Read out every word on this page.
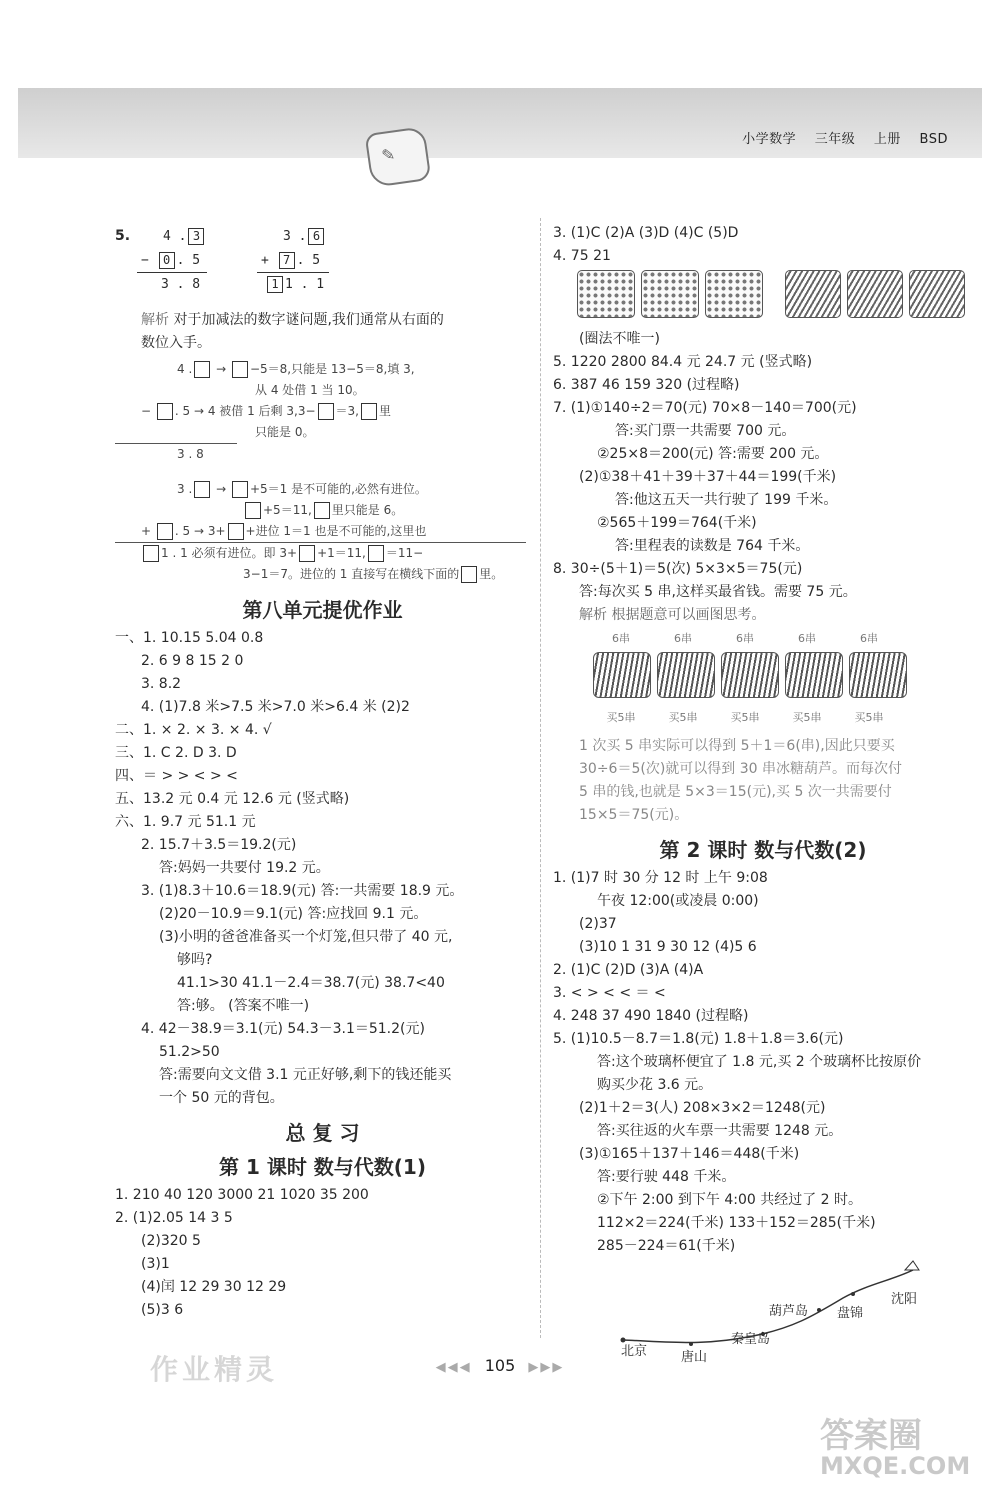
小学数学 三年级 上册 BSD
✎
5.	4 . 3
− 0 . 5
3 . 8
3 . 6
+ 7 . 5
1 1 . 1
解析 对于加减法的数字谜问题,我们通常从右面的
数位入手。
4 . → −5＝8,只能是 13−5＝8,填 3,
从 4 处借 1 当 10。
− . 5 → 4 被借 1 后剩 3,3− ＝3, 里
只能是 0。
3 . 8
3 . → +5＝1 是不可能的,必然有进位。
+5＝11, 里只能是 6。
+ . 5 → 3+ +进位 1＝1 也是不可能的,这里也
1 . 1 必须有进位。即 3+ +1＝11, ＝11−
3−1＝7。进位的 1 直接写在横线下面的 里。
第八单元提优作业
一、1. 10.15 5.04 0.8
2. 6 9 8 15 2 0
3. 8.2
4. (1)7.8 米>7.5 米>7.0 米>6.4 米 (2)2
二、1. × 2. × 3. × 4. √
三、1. C 2. D 3. D
四、＝ > > < > <
五、13.2 元 0.4 元 12.6 元 (竖式略)
六、1. 9.7 元 51.1 元
2. 15.7＋3.5＝19.2(元)
答:妈妈一共要付 19.2 元。
3. (1)8.3＋10.6＝18.9(元) 答:一共需要 18.9 元。
(2)20－10.9＝9.1(元) 答:应找回 9.1 元。
(3)小明的爸爸准备买一个灯笼,但只带了 40 元,
够吗?
41.1>30 41.1－2.4＝38.7(元) 38.7<40
答:够。 (答案不唯一)
4. 42－38.9＝3.1(元) 54.3－3.1＝51.2(元)
51.2>50
答:需要向文文借 3.1 元正好够,剩下的钱还能买
一个 50 元的背包。
总 复 习
第 1 课时 数与代数(1)
1. 210 40 120 3000 21 1020 35 200
2. (1)2.05 14 3 5
(2)320 5
(3)1
(4)闰 12 29 30 12 29
(5)3 6
3. (1)C (2)A (3)D (4)C (5)D
4. 75 21
(圈法不唯一)
5. 1220 2800 84.4 元 24.7 元 (竖式略)
6. 387 46 159 320 (过程略)
7. (1)①140÷2＝70(元) 70×8－140＝700(元)
答:买门票一共需要 700 元。
②25×8＝200(元) 答:需要 200 元。
(2)①38＋41＋39＋37＋44＝199(千米)
答:他这五天一共行驶了 199 千米。
②565＋199＝764(千米)
答:里程表的读数是 764 千米。
8. 30÷(5＋1)＝5(次) 5×3×5＝75(元)
答:每次买 5 串,这样买最省钱。需要 75 元。
解析 根据题意可以画图思考。
6串	6串	6串	6串	6串
买5串	买5串	买5串	买5串	买5串
1 次买 5 串实际可以得到 5＋1＝6(串),因此只要买
30÷6＝5(次)就可以得到 30 串冰糖葫芦。而每次付
5 串的钱,也就是 5×3＝15(元),买 5 次一共需要付
15×5＝75(元)。
第 2 课时 数与代数(2)
1. (1)7 时 30 分 12 时 上午 9:08
午夜 12:00(或凌晨 0:00)
(2)37
(3)10 1 31 9 30 12 (4)5 6
2. (1)C (2)D (3)A (4)A
3. < > < < ＝ <
4. 248 37 490 1840 (过程略)
5. (1)10.5－8.7＝1.8(元) 1.8＋1.8＝3.6(元)
答:这个玻璃杯便宜了 1.8 元,买 2 个玻璃杯比按原价
购买少花 3.6 元。
(2)1＋2＝3(人) 208×3×2＝1248(元)
答:买往返的火车票一共需要 1248 元。
(3)①165＋137＋146＝448(千米)
答:要行驶 448 千米。
②下午 2:00 到下午 4:00 共经过了 2 时。
112×2＝224(千米) 133＋152＝285(千米)
285－224＝61(千米)
北京	唐山
秦皇岛
葫芦岛 盘锦
沈阳
作业精灵	◀◀◀ 105 ▶▶▶
答案圈
MXQE.COM
